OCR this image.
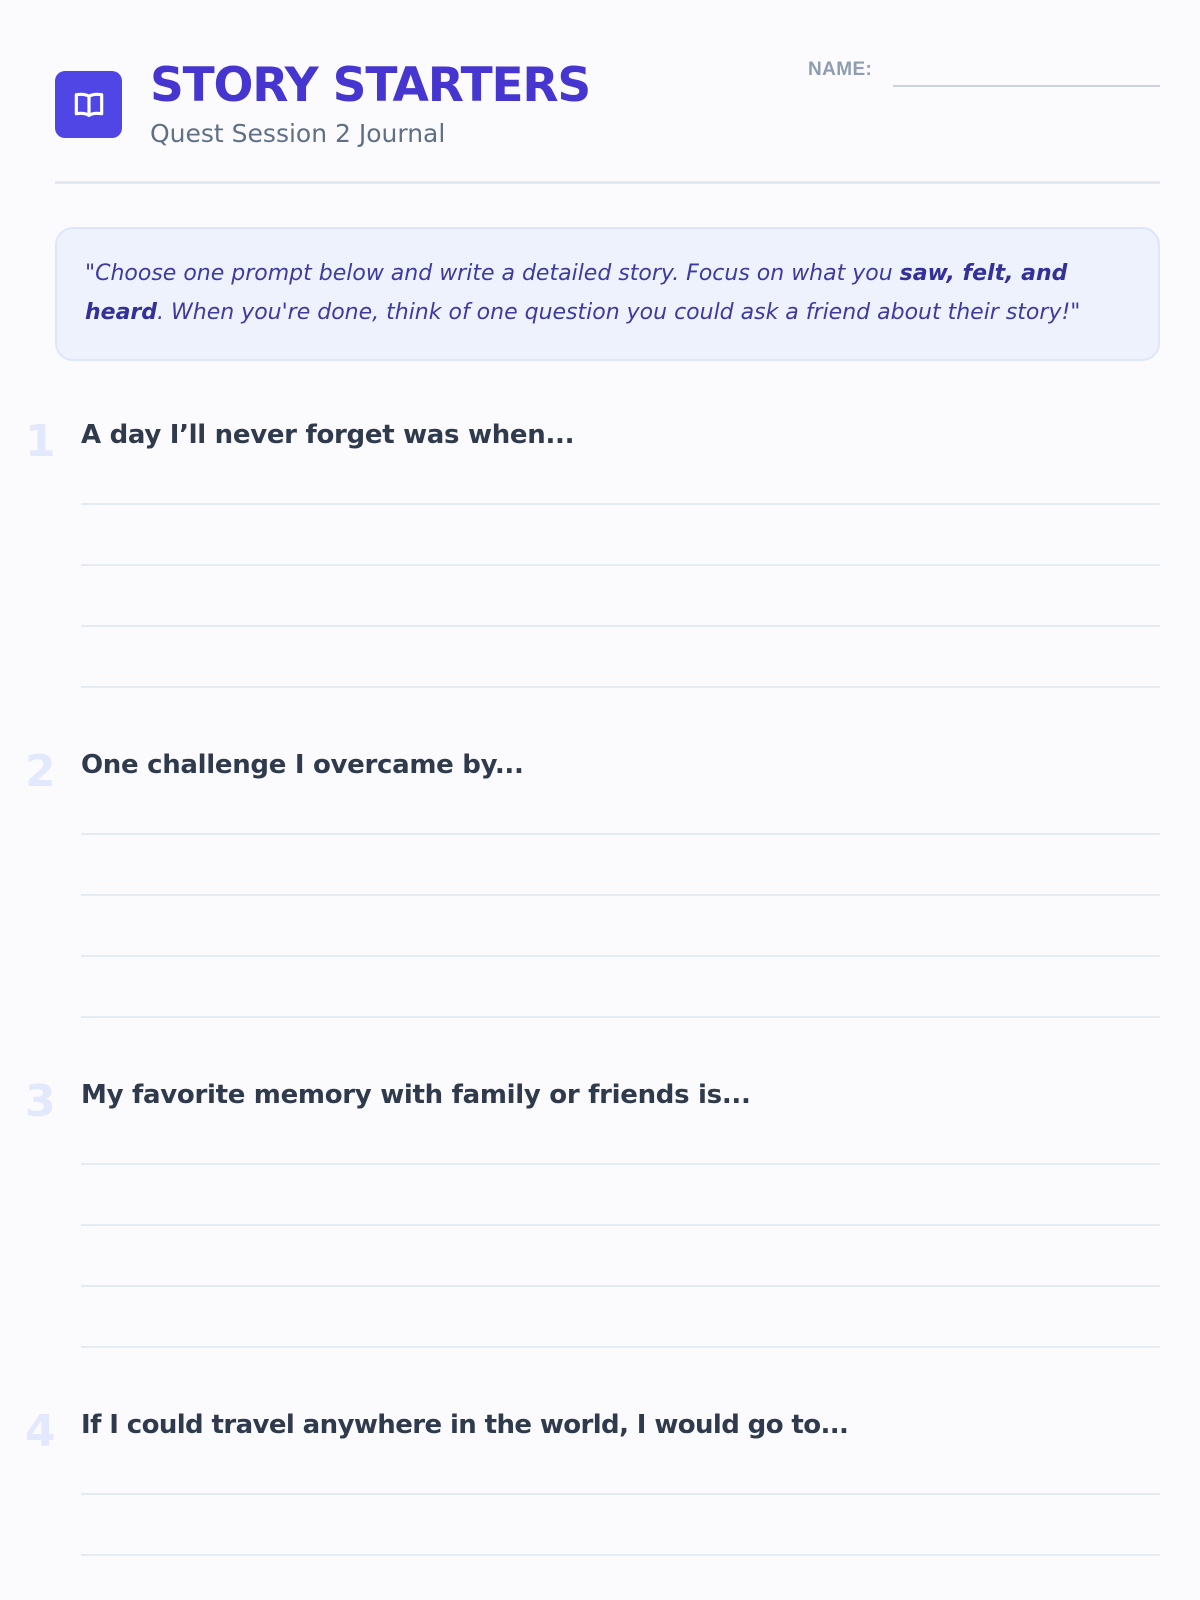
STORY STARTERS
Quest Session 2 Journal
NAME:
"Choose one prompt below and write a detailed story. Focus on what you saw, felt, and heard. When you're done, think of one question you could ask a friend about their story!"
1 A day I’ll never forget was when...
2 One challenge I overcame by...
3 My favorite memory with family or friends is...
4 If I could travel anywhere in the world, I would go to...
